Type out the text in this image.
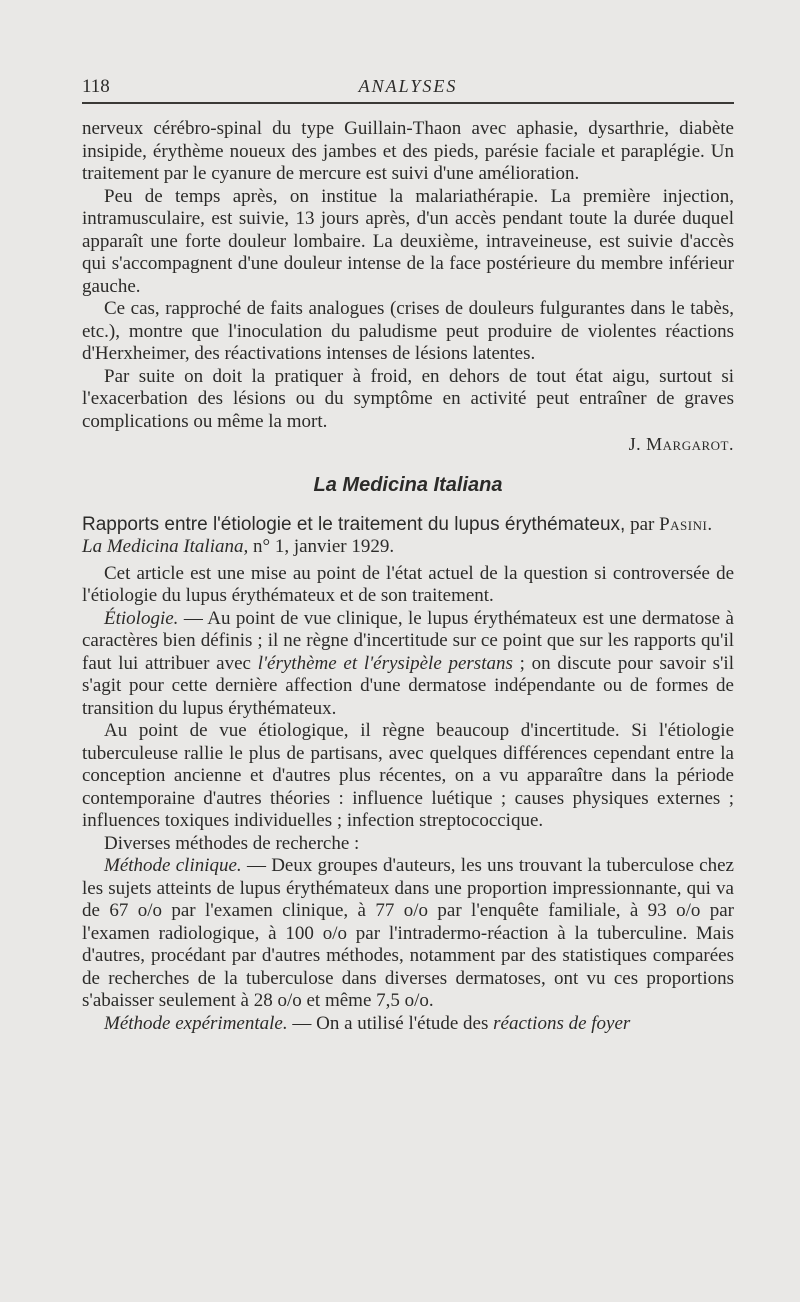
118	ANALYSES

nerveux cérébro-spinal du type Guillain-Thaon avec aphasie, dysarthrie, diabète insipide, érythème noueux des jambes et des pieds, parésie faciale et paraplégie. Un traitement par le cyanure de mercure est suivi d'une amélioration.

Peu de temps après, on institue la malariathérapie. La première injection, intramusculaire, est suivie, 13 jours après, d'un accès pendant toute la durée duquel apparaît une forte douleur lombaire. La deuxième, intraveineuse, est suivie d'accès qui s'accompagnent d'une douleur intense de la face postérieure du membre inférieur gauche.

Ce cas, rapproché de faits analogues (crises de douleurs fulgurantes dans le tabès, etc.), montre que l'inoculation du paludisme peut produire de violentes réactions d'Herxheimer, des réactivations intenses de lésions latentes.

Par suite on doit la pratiquer à froid, en dehors de tout état aigu, surtout si l'exacerbation des lésions ou du symptôme en activité peut entraîner de graves complications ou même la mort.

J. Margarot.
La Medicina Italiana

Rapports entre l'étiologie et le traitement du lupus érythémateux, par Pasini. La Medicina Italiana, n° 1, janvier 1929.

Cet article est une mise au point de l'état actuel de la question si controversée de l'étiologie du lupus érythémateux et de son traitement.

Étiologie. — Au point de vue clinique, le lupus érythémateux est une dermatose à caractères bien définis ; il ne règne d'incertitude sur ce point que sur les rapports qu'il faut lui attribuer avec l'érythème et l'érysipèle perstans ; on discute pour savoir s'il s'agit pour cette dernière affection d'une dermatose indépendante ou de formes de transition du lupus érythémateux.

Au point de vue étiologique, il règne beaucoup d'incertitude. Si l'étiologie tuberculeuse rallie le plus de partisans, avec quelques différences cependant entre la conception ancienne et d'autres plus récentes, on a vu apparaître dans la période contemporaine d'autres théories : influence luétique ; causes physiques externes ; influences toxiques individuelles ; infection streptococcique.

Diverses méthodes de recherche :

Méthode clinique. — Deux groupes d'auteurs, les uns trouvant la tuberculose chez les sujets atteints de lupus érythémateux dans une proportion impressionnante, qui va de 67 o/o par l'examen clinique, à 77 o/o par l'enquête familiale, à 93 o/o par l'examen radiologique, à 100 o/o par l'intradermo-réaction à la tuberculine. Mais d'autres, procédant par d'autres méthodes, notamment par des statistiques comparées de recherches de la tuberculose dans diverses dermatoses, ont vu ces proportions s'abaisser seulement à 28 o/o et même 7,5 o/o.

Méthode expérimentale. — On a utilisé l'étude des réactions de foyer
